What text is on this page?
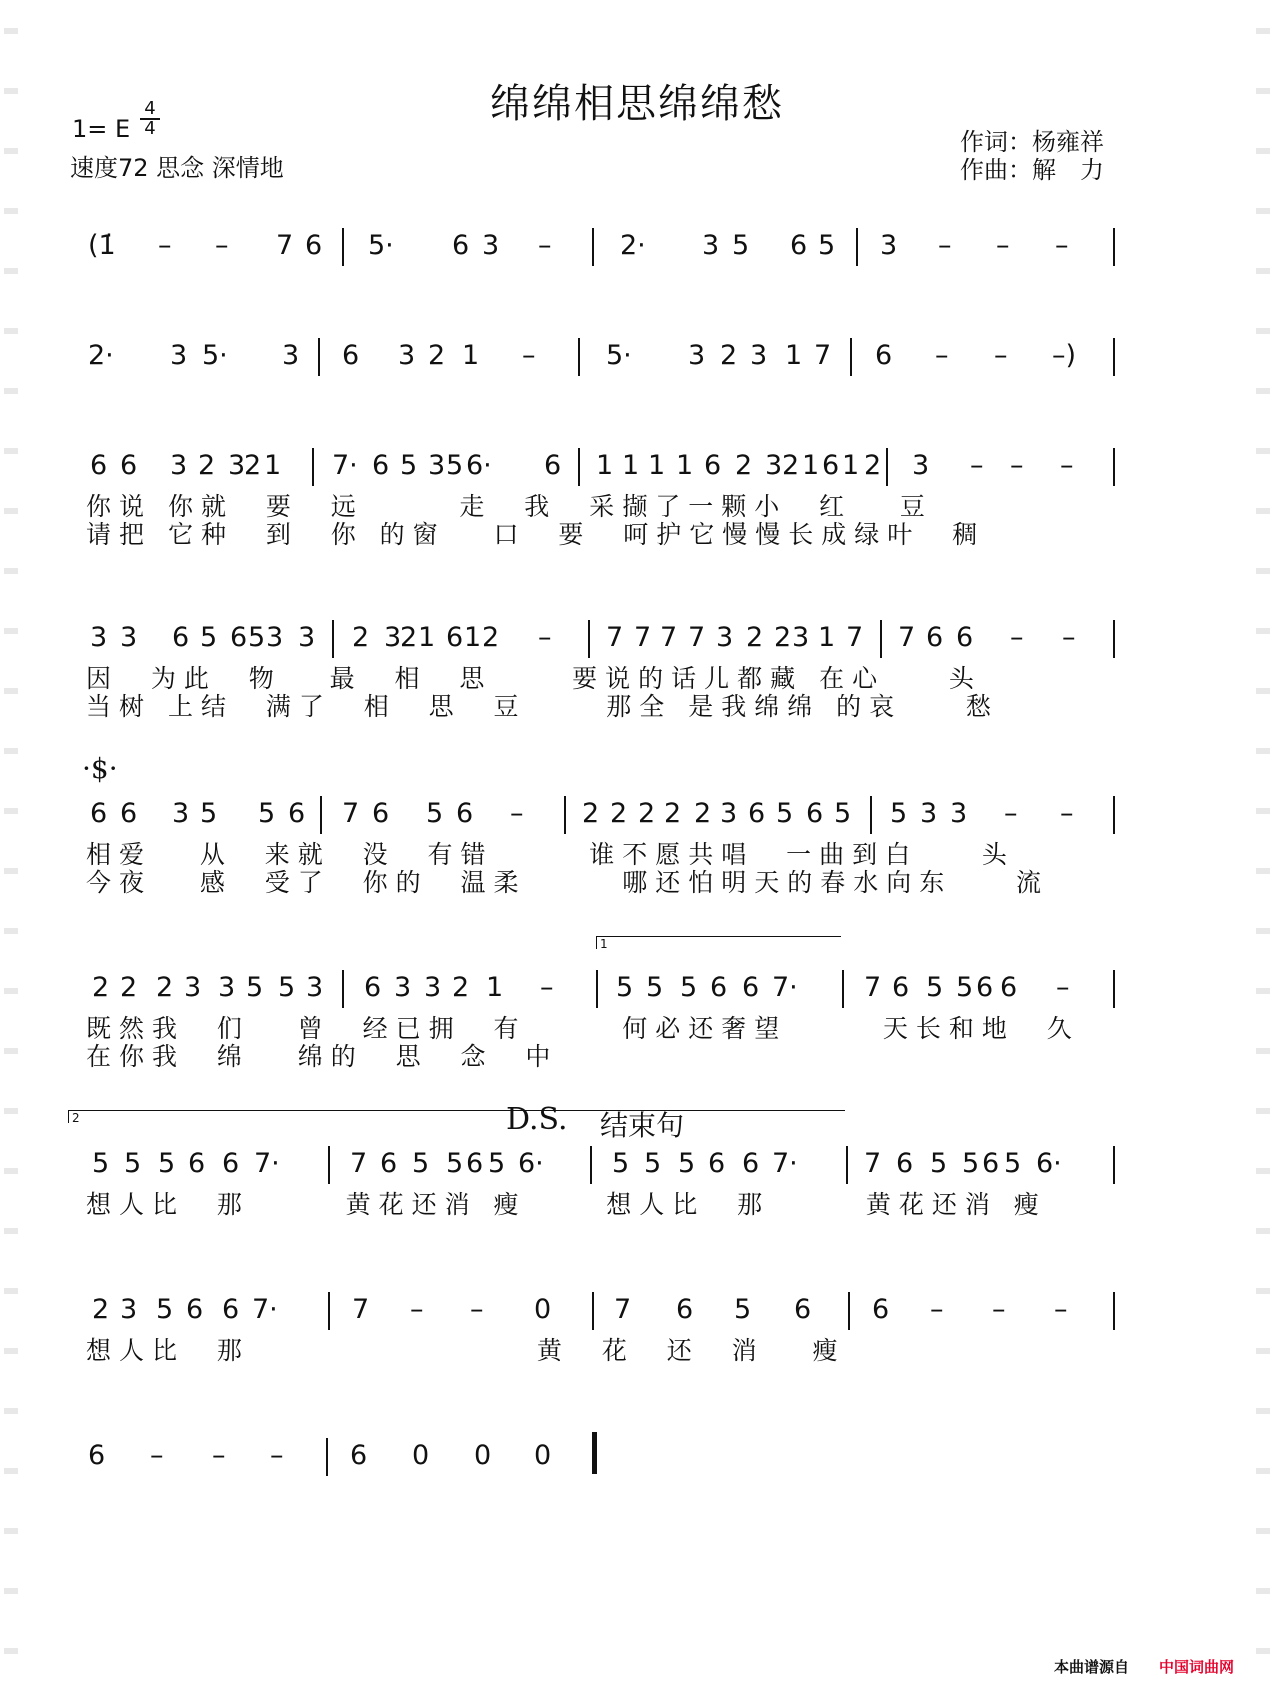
绵绵相思绵绵愁
1= E
4
4
速度72 思念 深情地
作词：杨雍祥
作曲：解　力
(1̇ – – 7 6 5· 6 3 –	2· 3 5 6 5 3 – – –
2· 3 5· 3 6 3 2 1 –	5· 3 2 3 1 7 6 – – –)
6 6 3 2 3
2 1 7· 6 5 3 5 6· 6 1 1 1 1 6 2 3 2 1 6 1 2 3 – – –
你说 你就  要  远      走  我  采撷了一颗小  红   豆
请把 它种  到  你 的窗   口  要  呵护它慢慢长成绿叶  稠
3 3 6 5 6 5 3 3 2 3
2 1 6 1 2 – 7 7 7 7 3 2 2 3 1 7 7 6 6 – –
因  为此  物   最  相  思     要说的话儿都藏 在心    头
当树 上结  满了  相  思  豆     那全 是我绵绵 的哀    愁
6 6 3 5 5 6 7 6 5 6 – 2 2 2 2 2 3 6 5 6 5 5 3 3 – –
相爱   从  来就  没  有错      谁不愿共唱  一曲到白    头
今夜   感  受了  你的  温柔      哪还怕明天的春水向东    流
2 2 2 3 3 5 5 3 6 3 3 2 1 – 5 5 5 6 6 7· 7 6 5 5 6 6 –
既然我  们   曾  经已拥  有      何必还奢望      天长和地  久
在你我  绵   绵的  思  念  中
5 5 5 6 6 7·	7 6 5 5 6 5 6·	5 5 5 6 6 7· 7 6 5 5 6 5 6·
想人比  那      黄花还消 瘦     想人比  那      黄花还消 瘦
2 3 5 6 6 7·	7 – – 0 7 6 5 6 6 – – –
想人比  那                  黄  花  还  消   瘦
6 – – – 6 0 0 0
·$·
1
2	D.S. 结束句
本曲谱源自 中国词曲网
